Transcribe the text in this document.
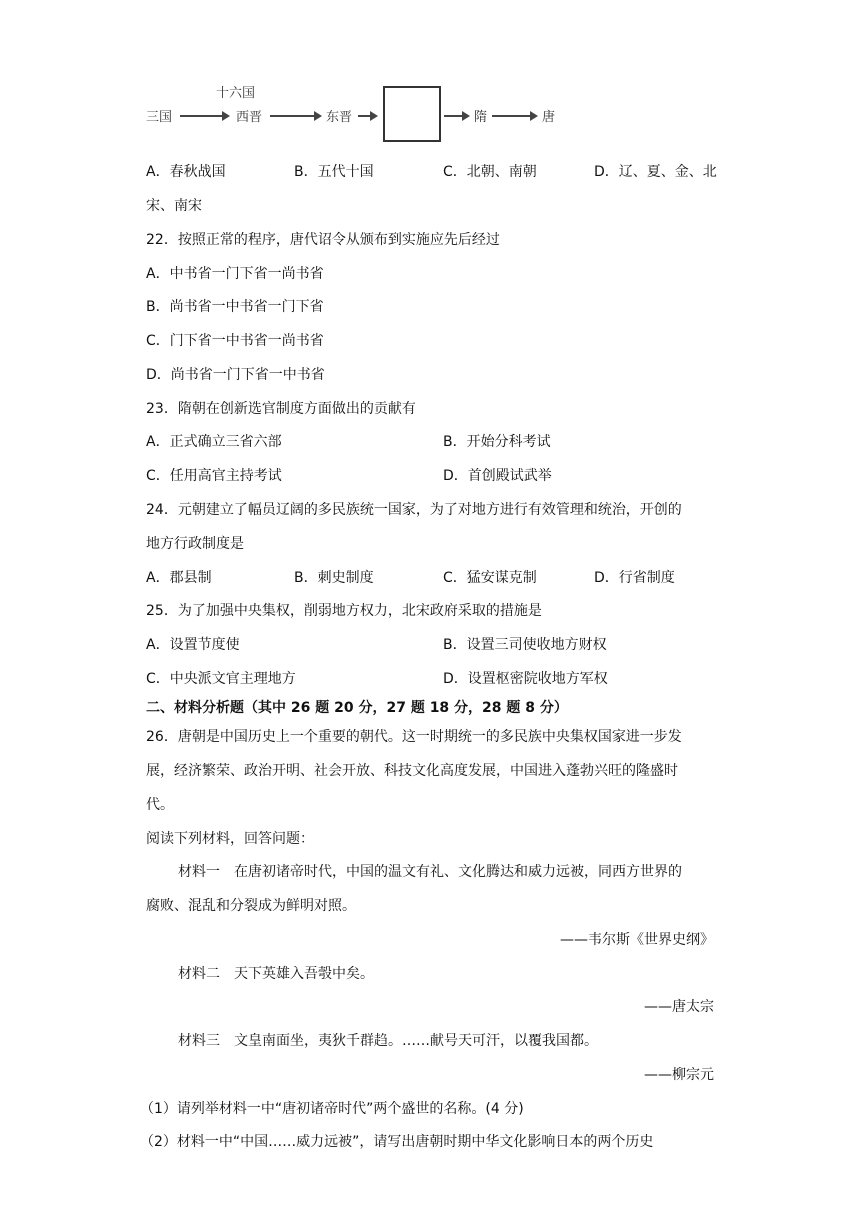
三国
十六国
西晋	东晋	隋	唐
A．春秋战国	B．五代十国	C．北朝、南朝	D．辽、夏、金、北
宋、南宋
22．按照正常的程序，唐代诏令从颁布到实施应先后经过
A．中书省一门下省一尚书省
B．尚书省一中书省一门下省
C．门下省一中书省一尚书省
D．尚书省一门下省一中书省
23．隋朝在创新选官制度方面做出的贡献有
A．正式确立三省六部	B．开始分科考试
C．任用高官主持考试	D．首创殿试武举
24．元朝建立了幅员辽阔的多民族统一国家，为了对地方进行有效管理和统治，开创的
地方行政制度是
A．郡县制	B．刺史制度	C．猛安谋克制	D．行省制度
25．为了加强中央集权，削弱地方权力，北宋政府采取的措施是
A．设置节度使	B．设置三司使收地方财权
C．中央派文官主理地方	D．设置枢密院收地方军权
二、材料分析题（其中 26 题 20 分，27 题 18 分，28 题 8 分）
26．唐朝是中国历史上一个重要的朝代。这一时期统一的多民族中央集权国家进一步发
展，经济繁荣、政治开明、社会开放、科技文化高度发展，中国进入蓬勃兴旺的隆盛时
代。
阅读下列材料，回答问题：
材料一　在唐初诸帝时代，中国的温文有礼、文化腾达和威力远被，同西方世界的
腐败、混乱和分裂成为鲜明对照。
——韦尔斯《世界史纲》
材料二　天下英雄入吾彀中矣。
——唐太宗
材料三　文皇南面坐，夷狄千群趋。……献号天可汗，以覆我国都。
——柳宗元
（1）请列举材料一中“唐初诸帝时代”两个盛世的名称。(4 分)
（2）材料一中“中国……威力远被”，请写出唐朝时期中华文化影响日本的两个历史
